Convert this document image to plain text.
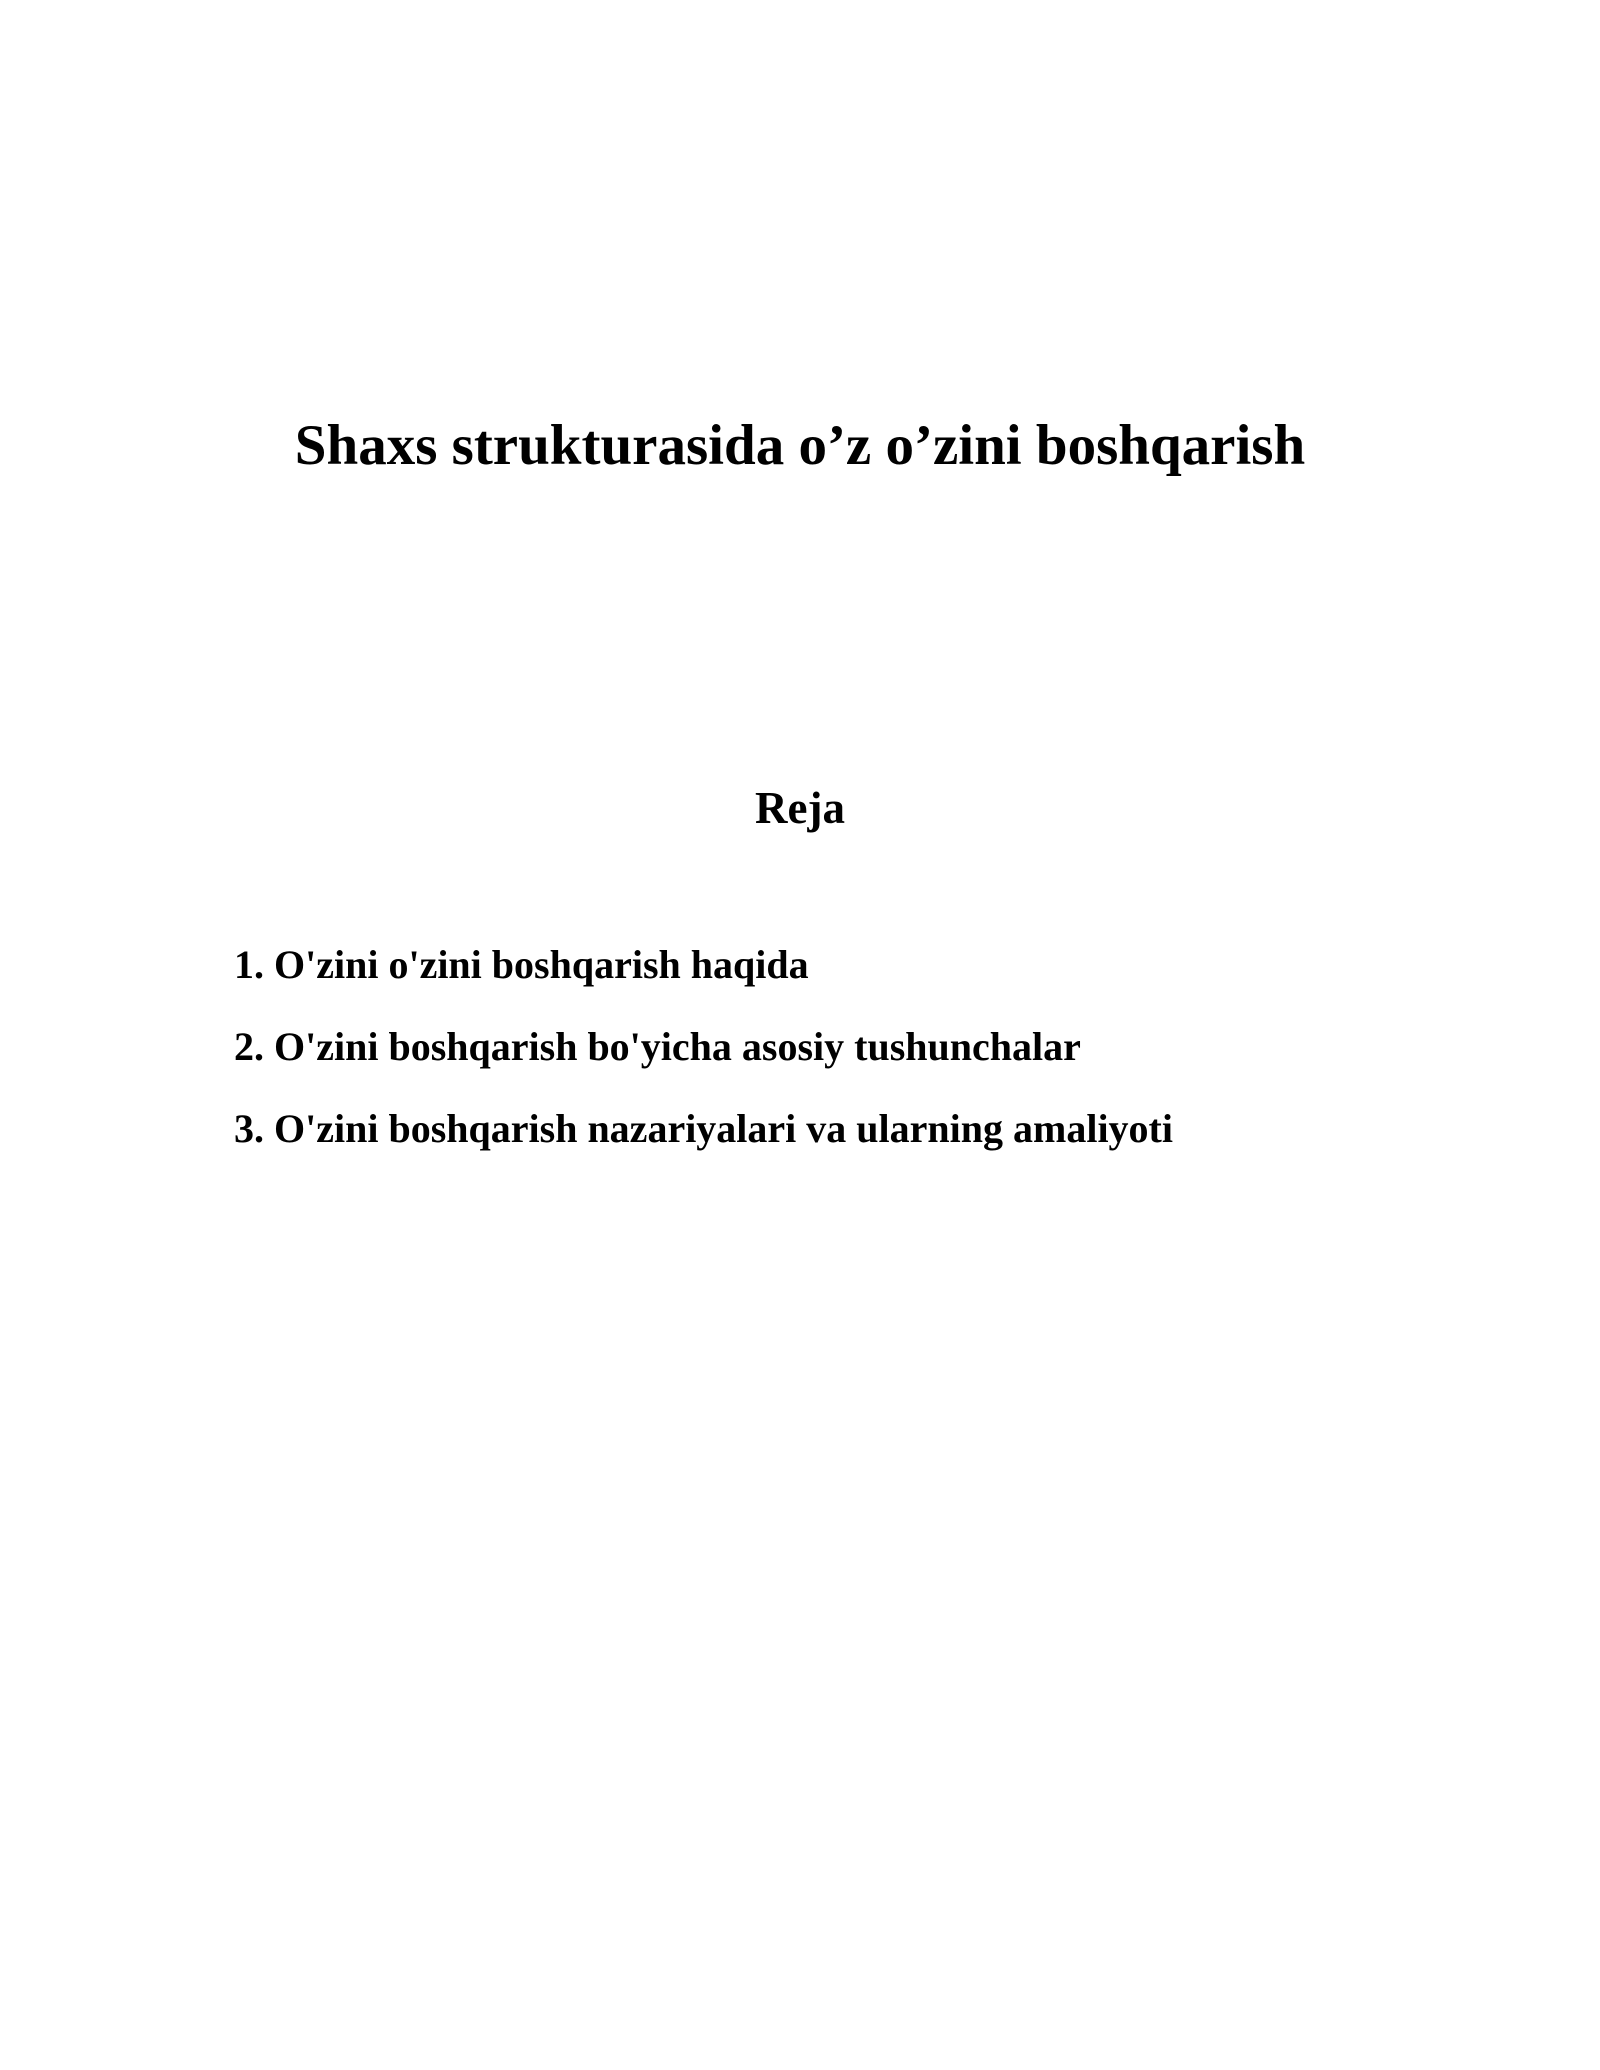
Shaxs strukturasida o’z o’zini boshqarish
Reja
1. O'zini o'zini boshqarish haqida
2. O'zini boshqarish bo'yicha asosiy tushunchalar
3. O'zini boshqarish nazariyalari va ularning amaliyoti
